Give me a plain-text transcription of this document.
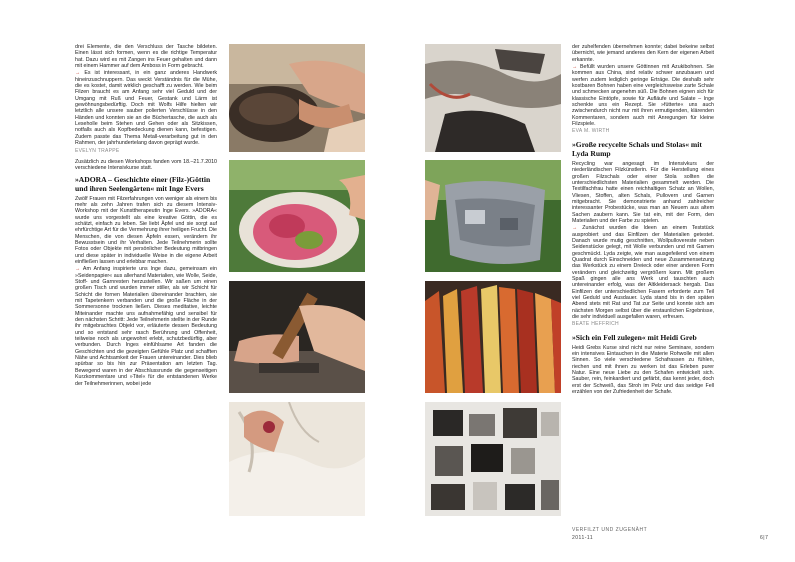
drei Elemente, die den Verschluss der Tasche bildeten. Einen lässt sich formen, wenn es die richtige Temperatur hat. Dazu wird es mit Zangen ins Feuer gehalten und dann mit einem Hammer auf dem Amboss in Form gebracht.

→ Es ist interessant, in ein ganz anderes Handwerk hineinzuschnuppern. Das weckt Verständnis für die Mühe, die es kostet, damit wirklich geschafft zu werden. Wie beim Filzen braucht es am Anfang sehr viel Geduld und der Umgang mit Ruß und Feuer, Gestank und Lärm ist gewöhnungsbedürftig. Doch mit Wolfs Hilfe hielten wir letztlich alle unsere sauber polierten Verschlüsse in den Händen und konnten sie an die Büchertasche, die auch als Leseholle beim Stehen und Gehen oder als Sitzkissen, notfalls auch als Kopfbedeckung dienen kann, befestigen. Zudem passte das Thema Metall-verarbeitung gut in den Rahmen, der jahrhundertelang davon geprägt wurde.

EVELYN TRAPPE

Zusätzlich zu diesen Workshops fanden vom 18.–21.7.2010 verschiedene Intensivkurse statt.

»ADORA – Geschichte einer (Filz-)Göttin und ihren Seelengärten« mit Inge Evers

Zwölf Frauen mit Filzerfahrungen von weniger als einem bis mehr als zehn Jahren trafen sich zu diesem Intensiv-Workshop mit der Kunsttherapeutin Inge Evers. »ADORA« wurde uns vorgestellt als eine kreative Göttin, die es schätzt, einfach zu leben. Sie liebt Äpfel und sie sorgt auf ehrfürchtige Art für die Vermehrung ihrer heiligen Frucht. Die Menschen, die von diesen Äpfeln essen, verändern ihr Bewusstsein und ihr Verhalten. Jede Teilnehmerin sollte Fotos oder Objekte mit persönlicher Bedeutung mitbringen und diese später in individuelle Weise in die eigene Arbeit einfließen lassen und erlebbar machen.

→ Am Anfang inspirierte uns Inge dazu, gemeinsam ein »Seidenpapier« aus allerhand Materialien, wie Wolle, Seide, Stoff- und Garnresten herzustellen. Wir saßen um einen großen Tisch und wurden immer stiller, als wir Schicht für Schicht die fornen Materialien übereinander brachten, sie mit Tapetenkern verbanden und die große Fläche in der Sommersonne trocknen ließen. Dieses meditative, leichte Miteinander machte uns aufnahmefähig und sensibel für den nächsten Schritt: Jede Teilnehmerin stellte in der Runde ihr mitgebrachtes Objekt vor, erläuterte dessen Bedeutung und so entstand sehr rasch Berührung und Offenheit, teilweise noch als ungewohnt erlebt, schutzbedürftig, aber verbunden. Durch Inges einfühlsame Art fanden die Geschichten und die gezeigten Gefühle Platz und schafften Nähe und Achtsamkeit der Frauen untereinander. Dies blieb spürbar so bis hin zur Präsentation am letzten Tag. Bewegend waren in der Abschlussrunde die gegenseitigen Kurzkommentare und »Titel« für die entstandenen Werke der Teilnehmerinnen, wobei jede

der zuhelfenden übernehmen konnte; dabei bekeine selbst übernicht, wie jemand anderes den Kern der eigenen Arbeit erkannte.

→ Befüllt wurden unsere Göttinnen mit Azukibohnen. Sie kommen aus China, sind relativ schwer anzubauen und werfen zudem lediglich geringe Erträge. Die deshalb sehr kostbaren Bohnen haben eine vergleichsweise zarte Schale und schmecken angenehm süß. Die Bohnen eignen sich für klassische Eintöpfe, sowie für Aufläufe und Salate – Inge schenkte uns ein Rezept. Sie »fütterte« uns auch zwischendurch nicht nur mit ihren ermutigenden, klärenden Kommentaren, sondern auch mit Anregungen für kleine Filzspiele.

EVA M. WIRTH
»Große recycelte Schals und Stolas« mit Lyda Rump

Recycling war angesagt im Intensivkurs der niederländischen Filzkünstlerin. Für die Herstellung eines großen Filzschals oder einer Stola sollten die unterschiedlichsten Materialien gesammelt werden. Die Textilfachfrau hatte einen reichhaltigen Schatz an Wollen, Vliesen, Stoffen, alten Schals, Pullovern und Garnen mitgebracht. Sie demonstrierte anhand zahlreicher interessanter Probestücke, was man an Neuem aus altem Sachen zaubern kann. Sie tat ein, mit der Form, den Materialien und der Farbe zu spielen.

→ Zunächst wurden die Ideen an einem Teststück ausprobiert und das Einfilzen der Materialien getestet. Danach wurde mutig geschnitten, Wollpullovereste neben Seidenstücke gelegt, mit Wolle verbunden und mit Garnen geschmückt. Lyda zeigte, wie man ausgefeilend von einem Quadrat durch Einschneiden und neue Zusammensetzung das Werkstück zu einem Dreieck oder einer anderen Form verändern und gleichzeitig vergrößern kann. Mit großem Spaß gingen alle ans Werk und tauschten auch untereinander erfolg, was der Altkleidersack hergab. Das Einfilzen der unterschiedlichen Fasern erforderte zum Teil viel Geduld und Ausdauer. Lyda stand bis in den späten Abend stets mit Rat und Tat zur Seite und konnte sich am nächsten Morgen selbst über die erstaunlichen Ergebnisse, die sehr individuell ausgefallen waren, erfreuen.

BEATE HEFFRICH
»Sich ein Fell zulegen« mit Heidi Greb

Heidi Grebs Kurse sind nicht nur reine Seminare, sondern ein intensives Eintauchen in die Materie Rohwolle mit allen Sinnen. So viele verschiedene Schafrassen zu fühlen, riechen und mit ihnen zu werken ist das Erleben purer Natur. Eine neue Liebe zu den Schafen entwickelt sich. Sauber, rein, feinkardiert und gefärbt, das kennt jeder, doch erst der Schweiß, das Stroh im Pelz und das seidige Fell erzählen von der Zufriedenheit der Schafe.

VERFILZT UND ZUGENÄHT
2011-11	6|7
